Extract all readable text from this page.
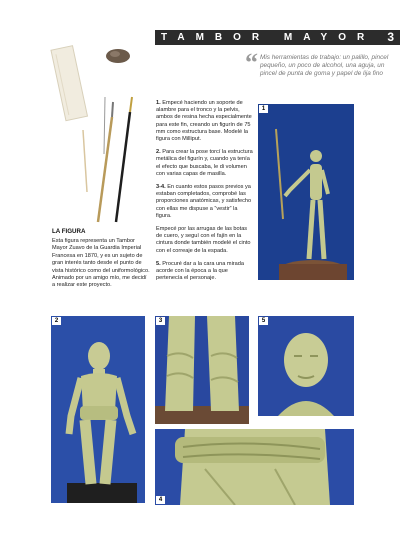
TAMBOR MAYOR 3
“ Mis herramientas de trabajo: un palillo, pincel pequeño, un poco de alcohol, una aguja, un pincel de punta de goma y papel de lija fino

1. Empecé haciendo un soporte de alambre para el tronco y la pelvis, ambos de resina hecha especialmente para este fin, creando un figurín de 75 mm como estructura base. Modelé la figura con Milliput.

2. Para crear la pose torcí la estructura metálica del figurín y, cuando ya tenía el efecto que buscaba, le di volumen con varias capas de masilla.

3-4. En cuanto estos pasos previos ya estaban completados, comprobé las proporciones anatómicas, y satisfecho con ellas me dispuse a “vestir” la figura.

Empecé por las arrugas de las botas de cuero, y seguí con el fajín en la cintura donde también modelé el cinto con el correaje de la espada.

5. Procuré dar a la cara una mirada acorde con la época a la que pertenecía el personaje.

LA FIGURA
Esta figura representa un Tambor Mayor Zuavo de la Guardia Imperial Francesa en 1870, y es un sujeto de gran interés tanto desde el punto de vista histórico como del uniformológico. Animado por un amigo mío, me decidí a realizar este proyecto.
1
2	3	5
4
